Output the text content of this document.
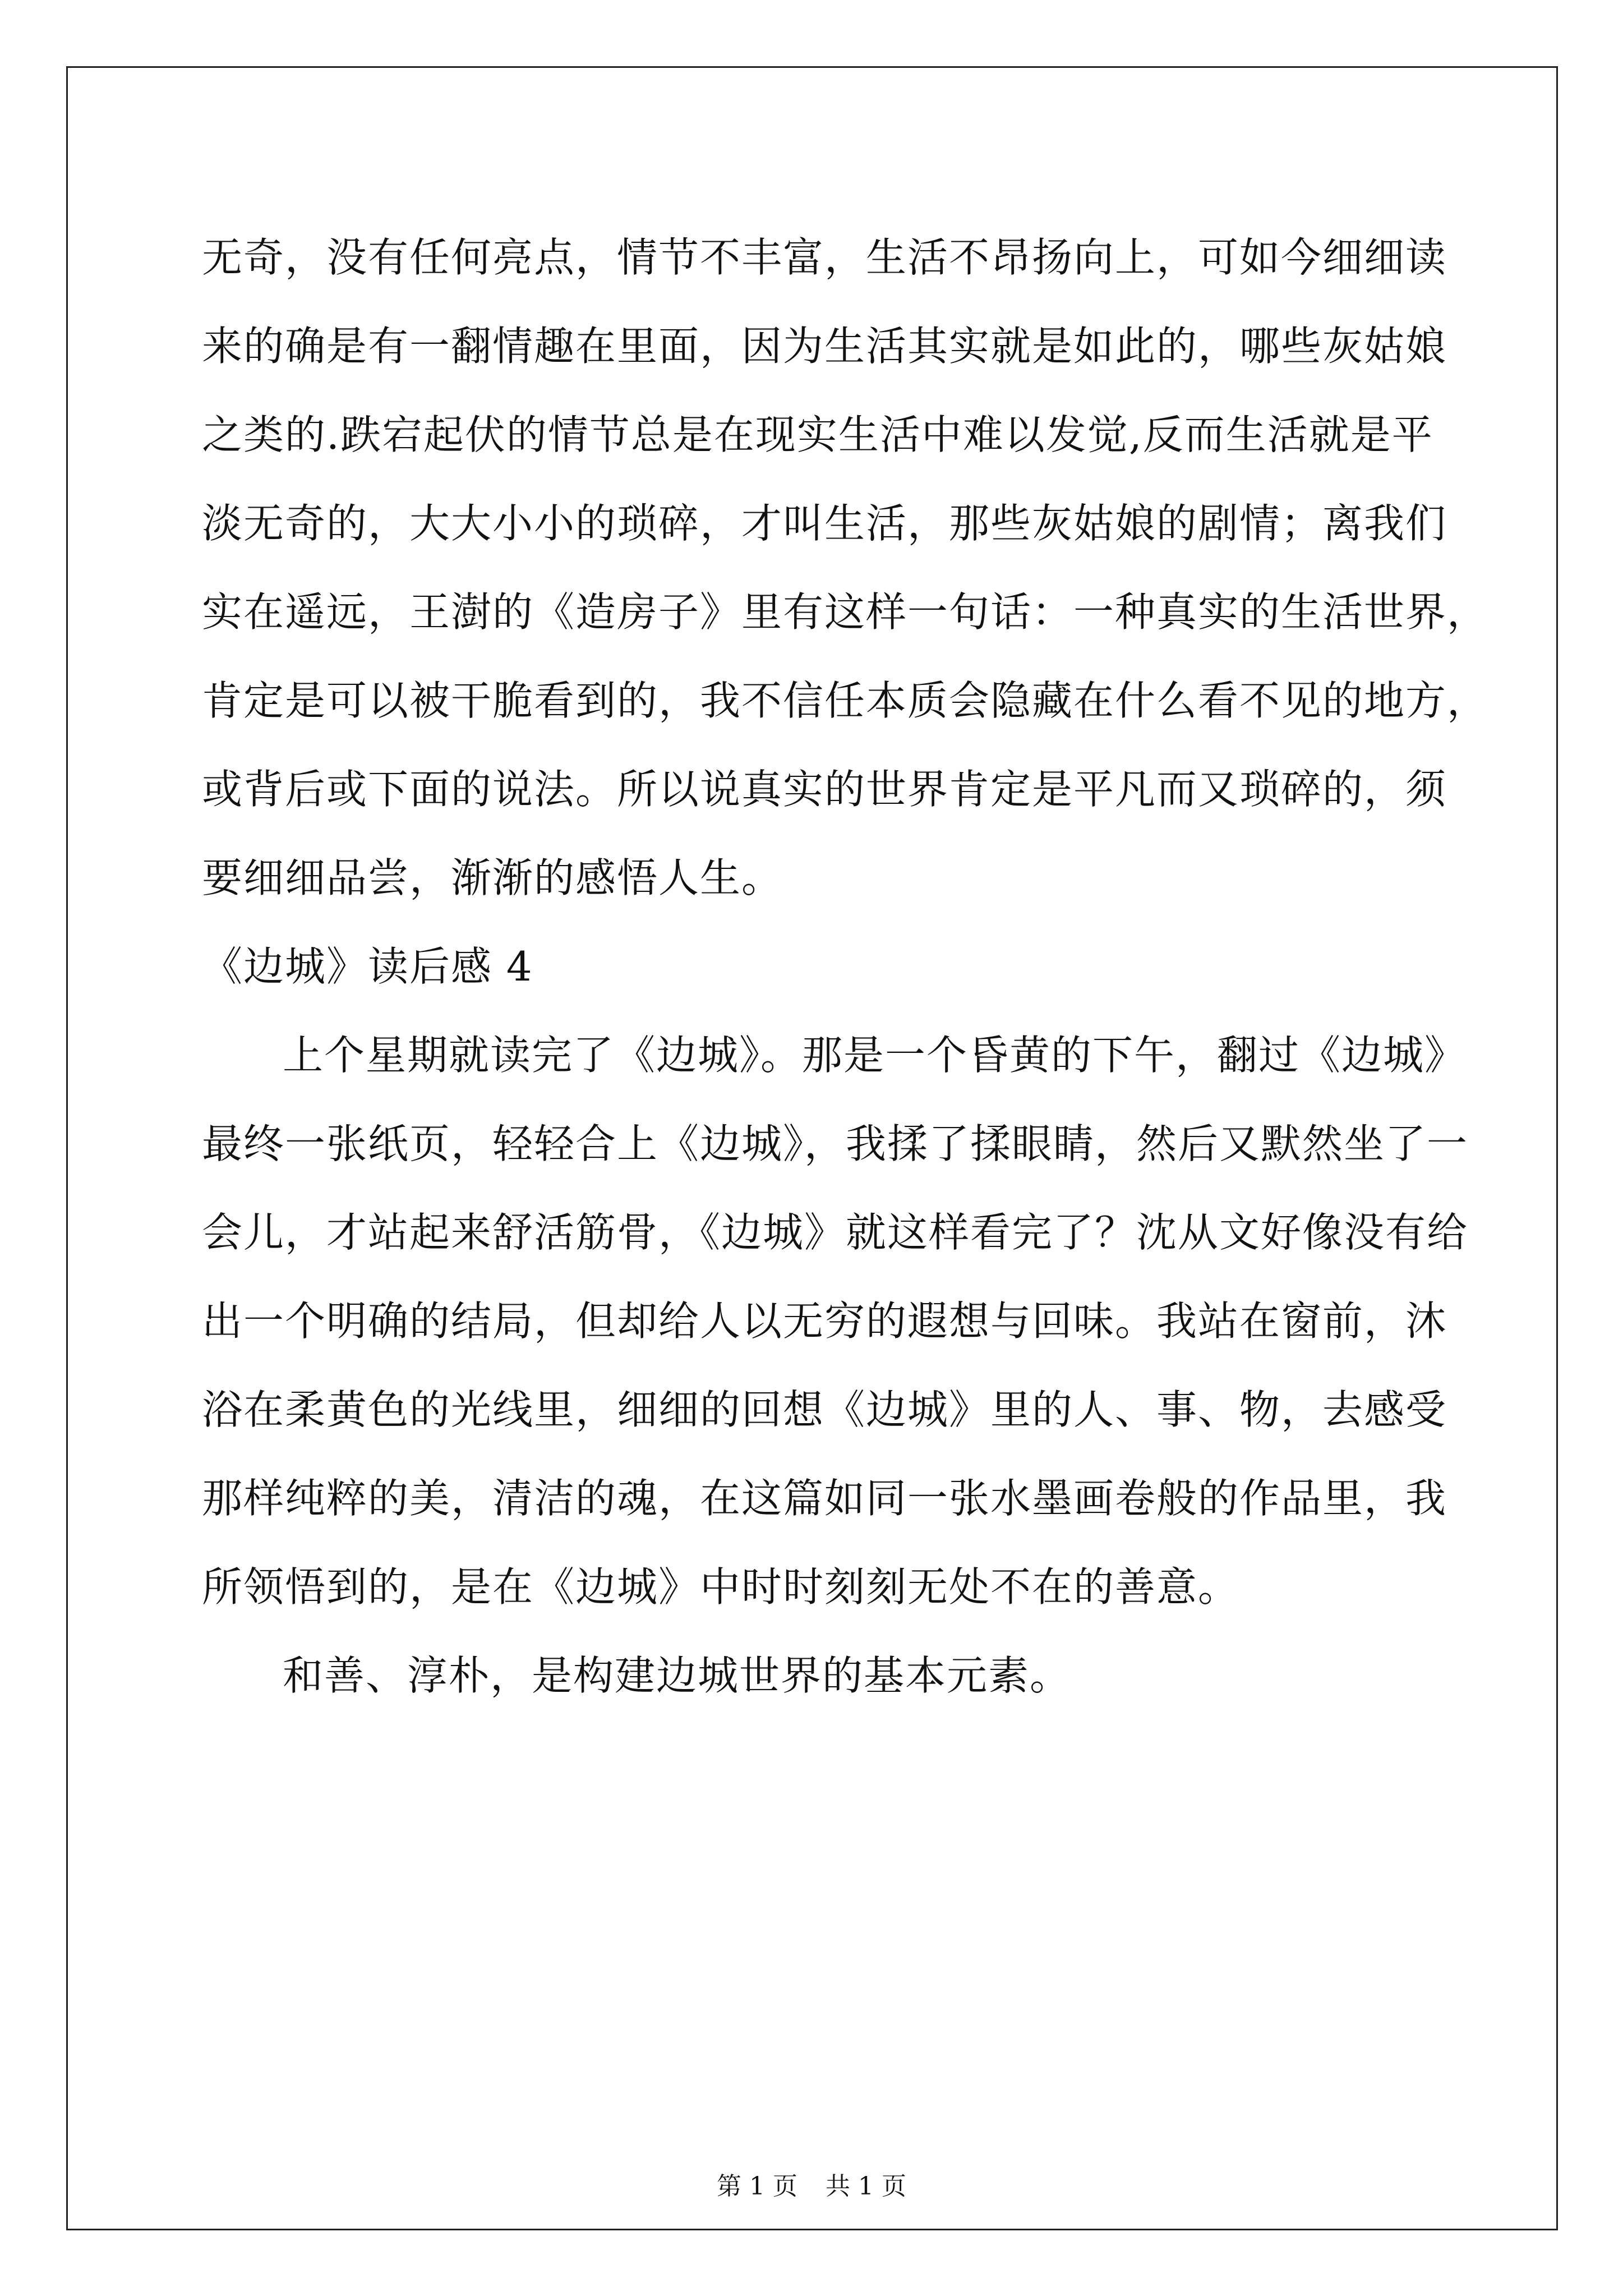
无奇，没有任何亮点，情节不丰富，生活不昂扬向上，可如今细细读
来的确是有一翻情趣在里面，因为生活其实就是如此的，哪些灰姑娘
之类的.跌宕起伏的情节总是在现实生活中难以发觉,反而生活就是平
淡无奇的，大大小小的琐碎，才叫生活，那些灰姑娘的剧情；离我们
实在遥远，王澍的《造房子》里有这样一句话：一种真实的生活世界，
肯定是可以被干脆看到的，我不信任本质会隐藏在什么看不见的地方，
或背后或下面的说法。所以说真实的世界肯定是平凡而又琐碎的，须
要细细品尝，渐渐的感悟人生。
《边城》读后感 4
上个星期就读完了《边城》。那是一个昏黄的下午，翻过《边城》
最终一张纸页，轻轻合上《边城》，我揉了揉眼睛，然后又默然坐了一
会儿，才站起来舒活筋骨，《边城》就这样看完了？沈从文好像没有给
出一个明确的结局，但却给人以无穷的遐想与回味。我站在窗前，沐
浴在柔黄色的光线里，细细的回想《边城》里的人、事、物，去感受
那样纯粹的美，清洁的魂，在这篇如同一张水墨画卷般的作品里，我
所领悟到的，是在《边城》中时时刻刻无处不在的善意。
和善、淳朴，是构建边城世界的基本元素。
第 1 页 共 1 页
